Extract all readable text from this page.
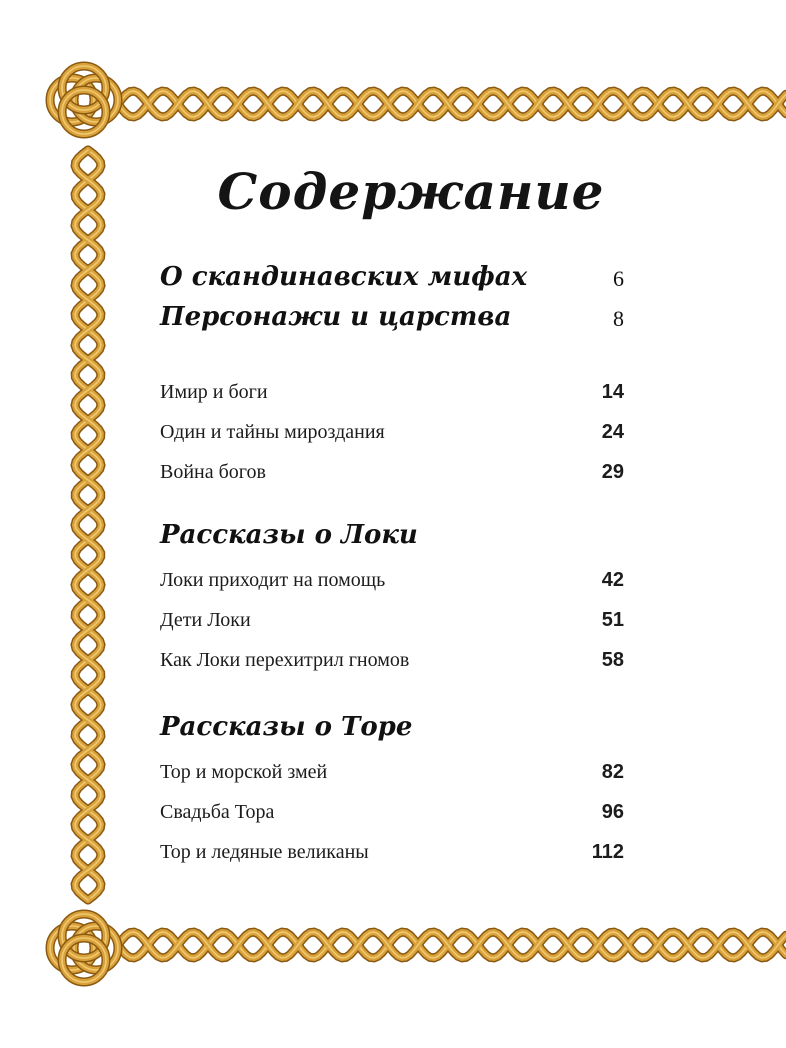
Содержание
О скандинавских мифах	6
Персонажи и царства	8
Имир и боги	14
Один и тайны мироздания	24
Война богов	29
Рассказы о Локи
Локи приходит на помощь	42
Дети Локи	51
Как Локи перехитрил гномов	58
Рассказы о Торе
Тор и морской змей	82
Свадьба Тора	96
Тор и ледяные великаны	112
